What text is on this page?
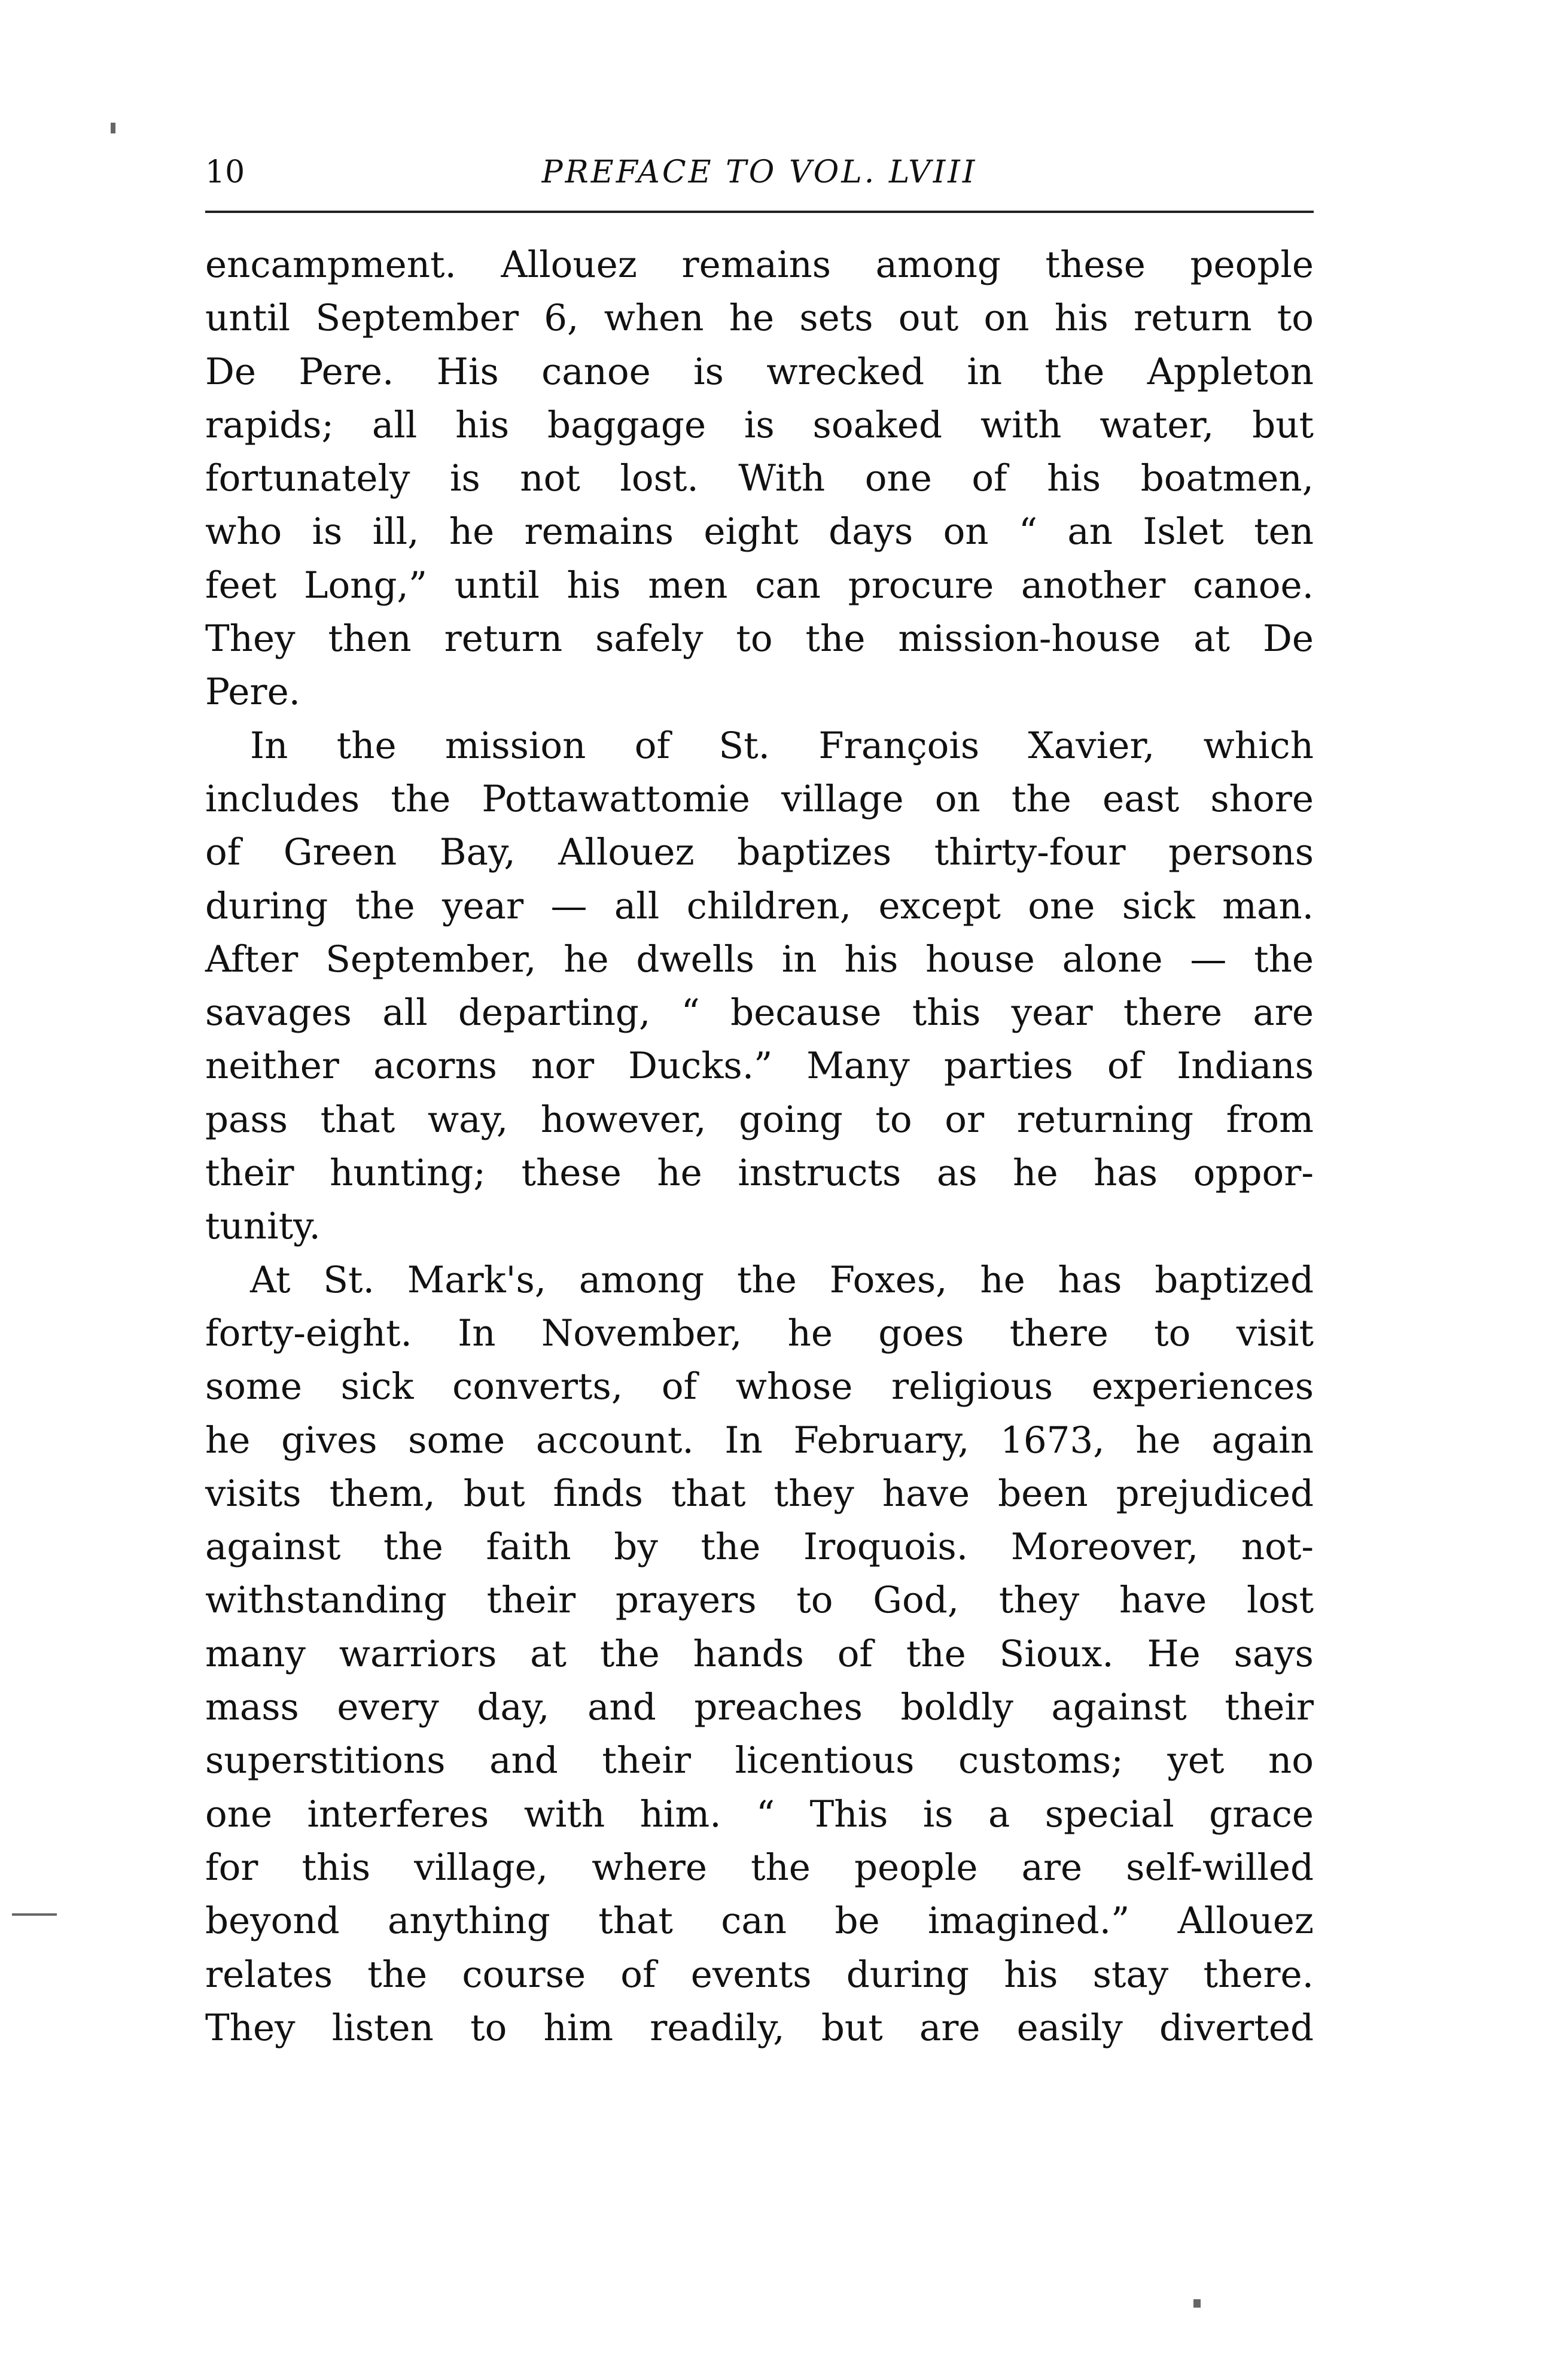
10	PREFACE TO VOL. LVIII
encampment. Allouez remains among these people
until September 6, when he sets out on his return to
De Pere. His canoe is wrecked in the Appleton
rapids; all his baggage is soaked with water, but
fortunately is not lost. With one of his boatmen,
who is ill, he remains eight days on “ an Islet ten
feet Long,” until his men can procure another canoe.
They then return safely to the mission-house at De
Pere.
In the mission of St. François Xavier, which
includes the Pottawattomie village on the east shore
of Green Bay, Allouez baptizes thirty-four persons
during the year — all children, except one sick man.
After September, he dwells in his house alone — the
savages all departing, “ because this year there are
neither acorns nor Ducks.” Many parties of Indians
pass that way, however, going to or returning from
their hunting; these he instructs as he has oppor-
tunity.
At St. Mark's, among the Foxes, he has baptized
forty-eight. In November, he goes there to visit
some sick converts, of whose religious experiences
he gives some account. In February, 1673, he again
visits them, but finds that they have been prejudiced
against the faith by the Iroquois. Moreover, not-
withstanding their prayers to God, they have lost
many warriors at the hands of the Sioux. He says
mass every day, and preaches boldly against their
superstitions and their licentious customs; yet no
one interferes with him. “ This is a special grace
for this village, where the people are self-willed
beyond anything that can be imagined.” Allouez
relates the course of events during his stay there.
They listen to him readily, but are easily diverted
